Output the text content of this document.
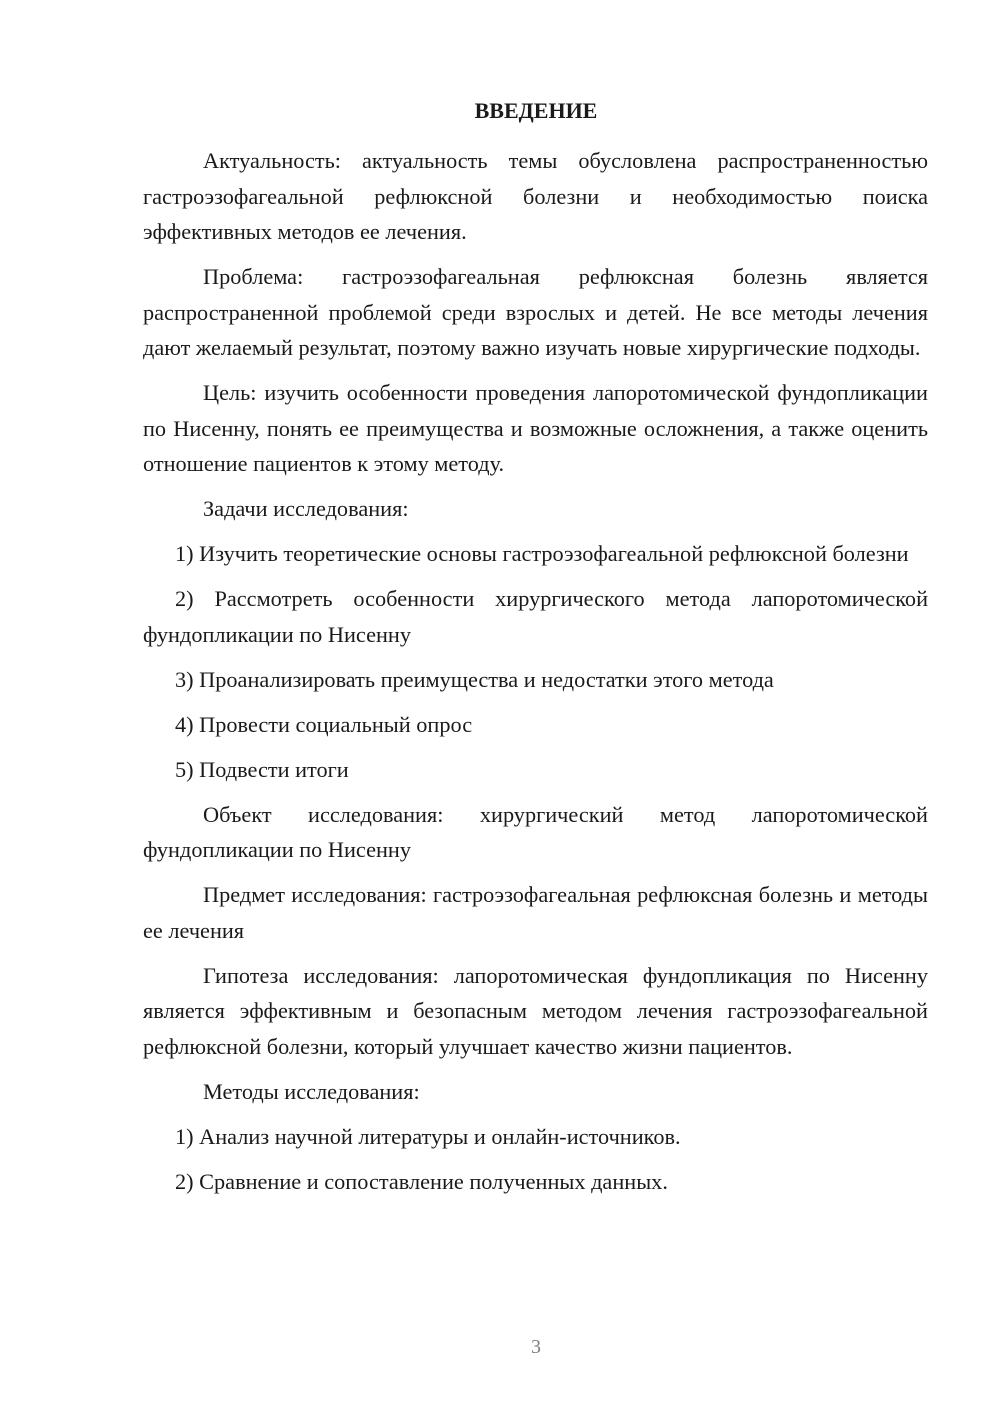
ВВЕДЕНИЕ

Актуальность: актуальность темы обусловлена распространенностью гастроэзофагеальной рефлюксной болезни и необходимостью поиска эффективных методов ее лечения.

Проблема: гастроэзофагеальная рефлюксная болезнь является распространенной проблемой среди взрослых и детей. Не все методы лечения дают желаемый результат, поэтому важно изучать новые хирургические подходы.

Цель: изучить особенности проведения лапоротомической фундопликации по Нисенну, понять ее преимущества и возможные осложнения, а также оценить отношение пациентов к этому методу.

Задачи исследования:

1) Изучить теоретические основы гастроэзофагеальной рефлюксной болезни

2) Рассмотреть особенности хирургического метода лапоротомической фундопликации по Нисенну

3) Проанализировать преимущества и недостатки этого метода

4) Провести социальный опрос

5) Подвести итоги

Объект исследования: хирургический метод лапоротомической фундопликации по Нисенну

Предмет исследования: гастроэзофагеальная рефлюксная болезнь и методы ее лечения

Гипотеза исследования: лапоротомическая фундопликация по Нисенну является эффективным и безопасным методом лечения гастроэзофагеальной рефлюксной болезни, который улучшает качество жизни пациентов.

Методы исследования:

1) Анализ научной литературы и онлайн-источников.

2) Сравнение и сопоставление полученных данных.

3
